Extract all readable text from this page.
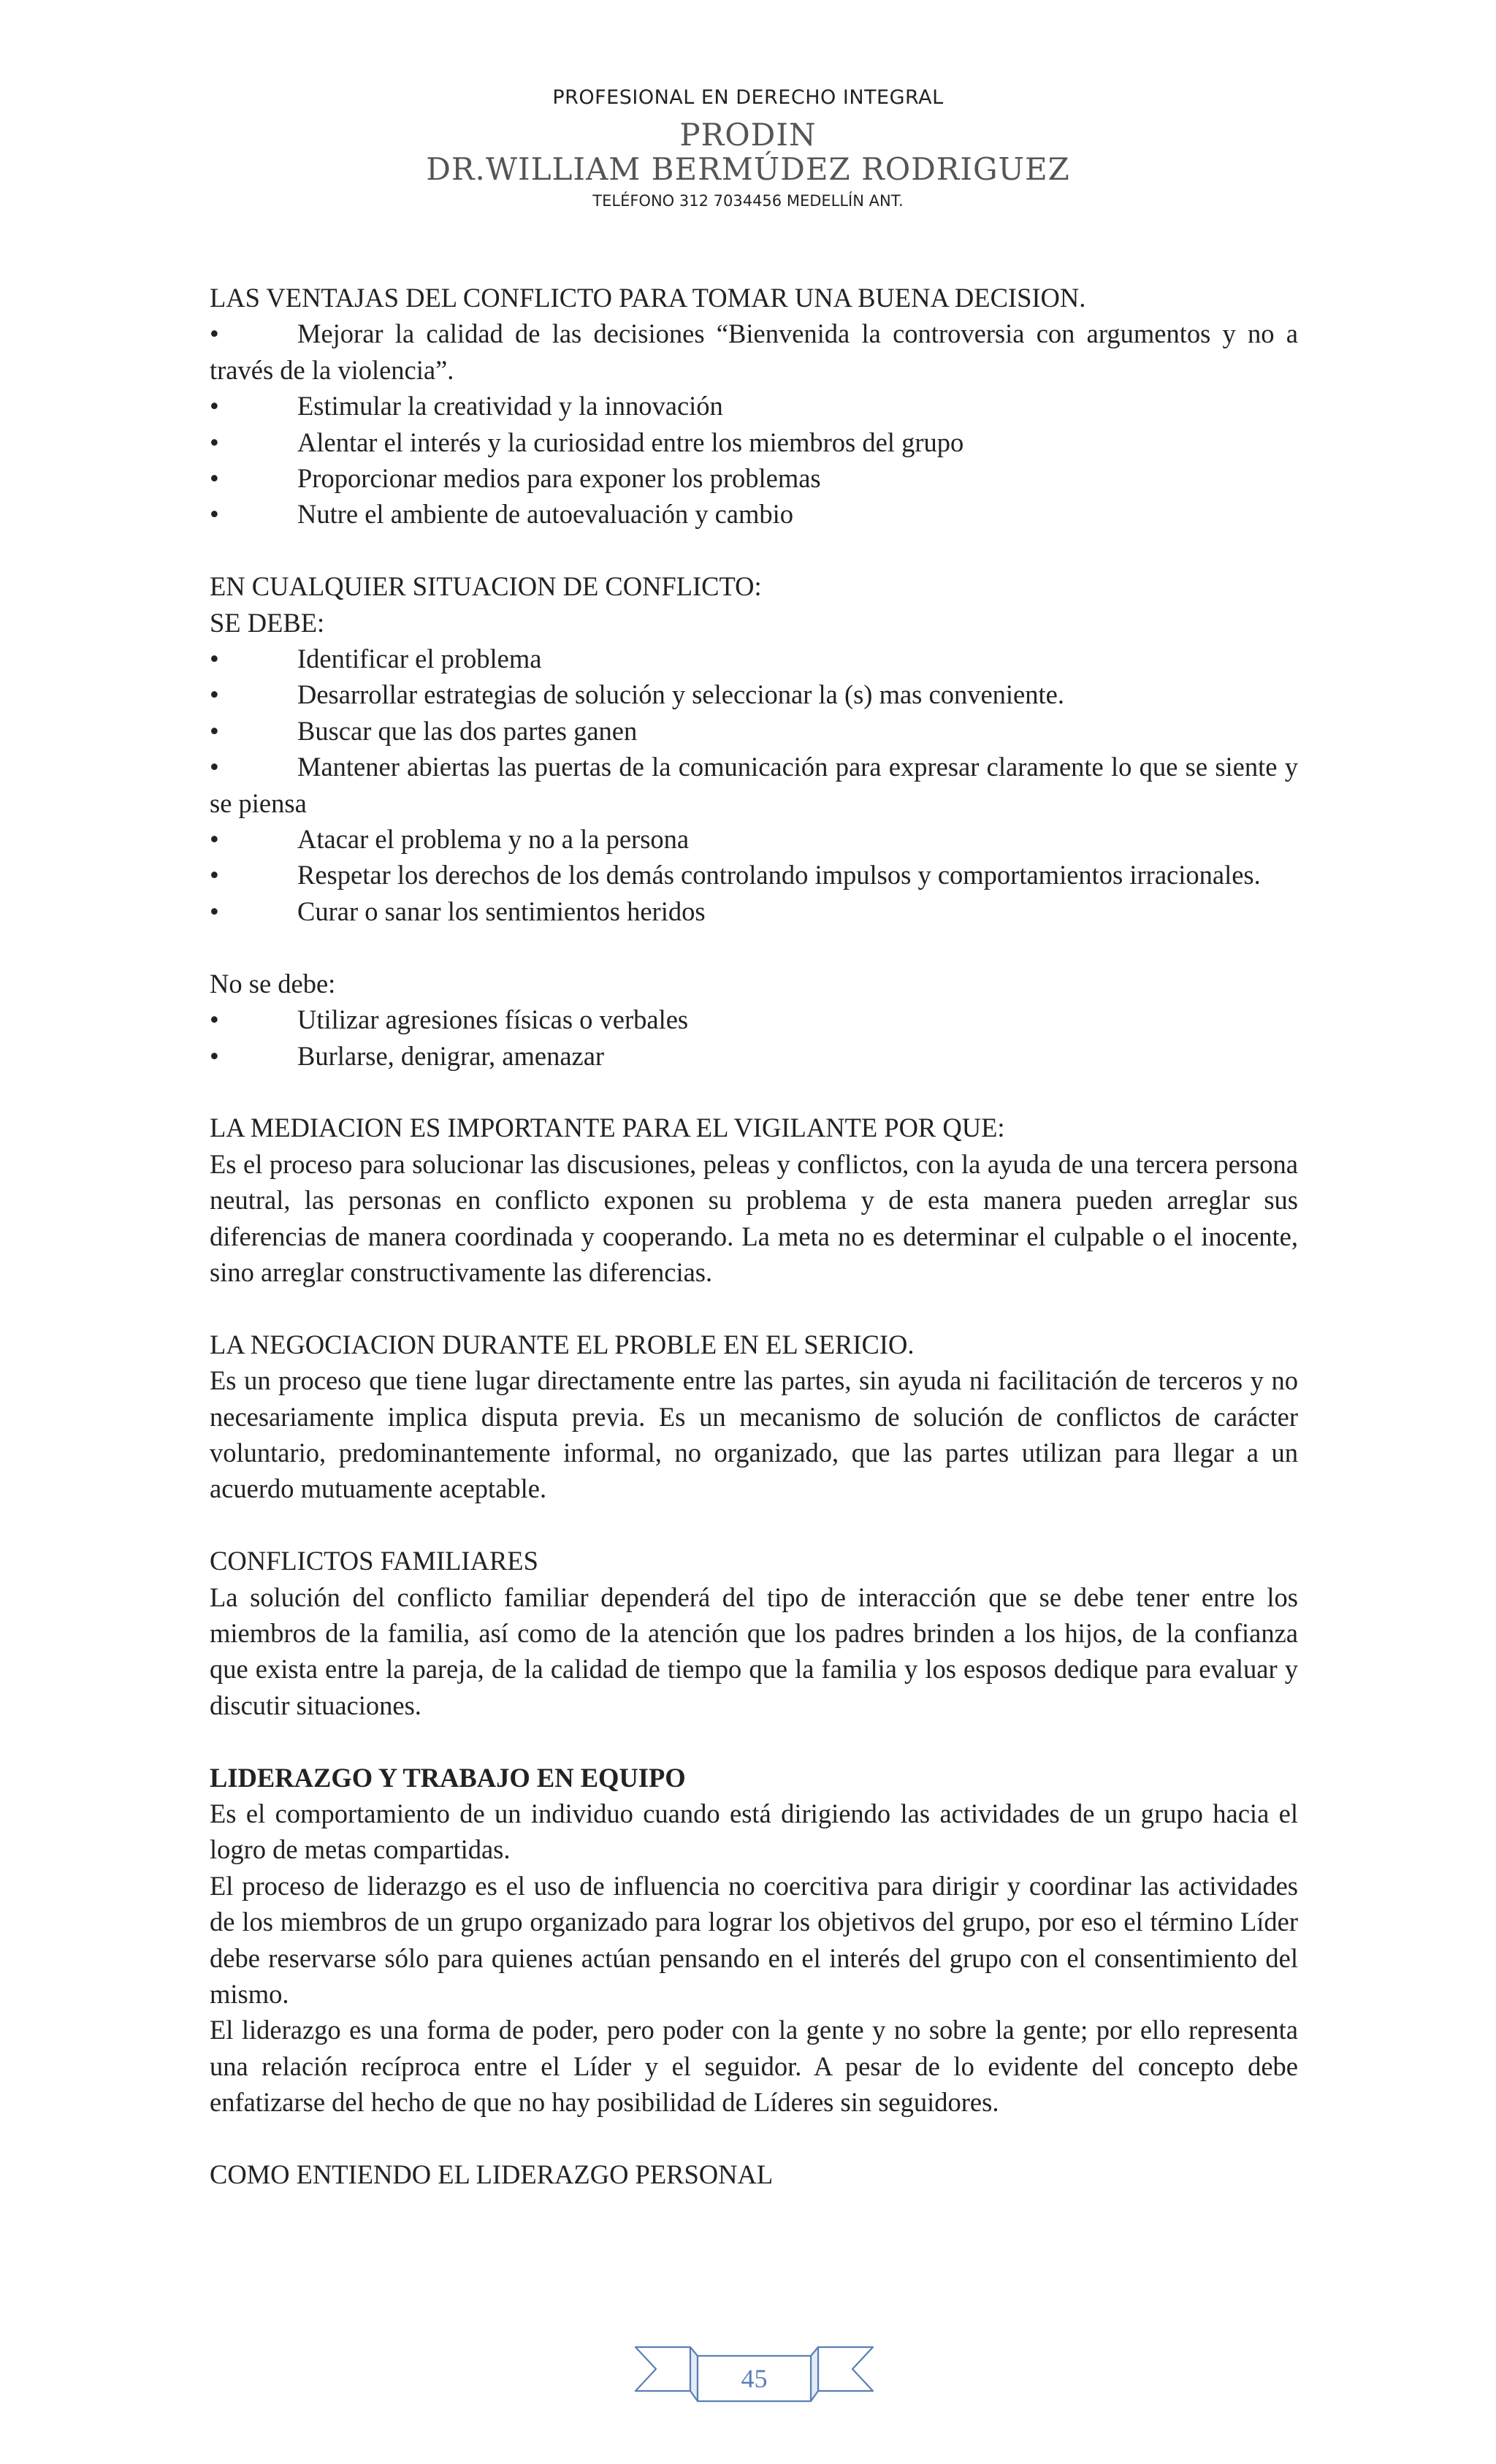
PROFESIONAL EN DERECHO INTEGRAL
PRODIN
DR.WILLIAM BERMÚDEZ RODRIGUEZ
TELÉFONO 312 7034456 MEDELLÍN ANT.

LAS VENTAJAS DEL CONFLICTO PARA TOMAR UNA BUENA DECISION.

•	Mejorar la calidad de las decisiones “Bienvenida la controversia con argumentos y no a través de la violencia”.

•	Estimular la creatividad y la innovación
•	Alentar el interés y la curiosidad entre los miembros del grupo
•	Proporcionar medios para exponer los problemas
•	Nutre el ambiente de autoevaluación y cambio

EN CUALQUIER SITUACION DE CONFLICTO:

SE DEBE:

•	Identificar el problema
•	Desarrollar estrategias de solución y seleccionar la (s) mas conveniente.
•	Buscar que las dos partes ganen

•	Mantener abiertas las puertas de la comunicación para expresar claramente lo que se siente y se piensa

•	Atacar el problema y no a la persona

•	Respetar los derechos de los demás controlando impulsos y comportamientos irracionales.

•	Curar o sanar los sentimientos heridos

No se debe:

•	Utilizar agresiones físicas o verbales
•	Burlarse, denigrar, amenazar

LA MEDIACION ES IMPORTANTE PARA EL VIGILANTE POR QUE:

Es el proceso para solucionar las discusiones, peleas y conflictos, con la ayuda de una tercera persona neutral, las personas en conflicto exponen su problema y de esta manera pueden arreglar sus diferencias de manera coordinada y cooperando. La meta no es determinar el culpable o el inocente, sino arreglar constructivamente las diferencias.

LA NEGOCIACION DURANTE EL PROBLE EN EL SERICIO.

Es un proceso que tiene lugar directamente entre las partes, sin ayuda ni facilitación de terceros y no necesariamente implica disputa previa. Es un mecanismo de solución de conflictos de carácter voluntario, predominantemente informal, no organizado, que las partes utilizan para llegar a un acuerdo mutuamente aceptable.

CONFLICTOS FAMILIARES

La solución del conflicto familiar dependerá del tipo de interacción que se debe tener entre los miembros de la familia, así como de la atención que los padres brinden a los hijos, de la confianza que exista entre la pareja, de la calidad de tiempo que la familia y los esposos dedique para evaluar y discutir situaciones.

LIDERAZGO Y TRABAJO EN EQUIPO

Es el comportamiento de un individuo cuando está dirigiendo las actividades de un grupo hacia el logro de metas compartidas.

El proceso de liderazgo es el uso de influencia no coercitiva para dirigir y coordinar las actividades de los miembros de un grupo organizado para lograr los objetivos del grupo, por eso el término Líder debe reservarse sólo para quienes actúan pensando en el interés del grupo con el consentimiento del mismo.

El liderazgo es una forma de poder, pero poder con la gente y no sobre la gente; por ello representa una relación recíproca entre el Líder y el seguidor. A pesar de lo evidente del concepto debe enfatizarse del hecho de que no hay posibilidad de Líderes sin seguidores.

COMO ENTIENDO EL LIDERAZGO PERSONAL

45
